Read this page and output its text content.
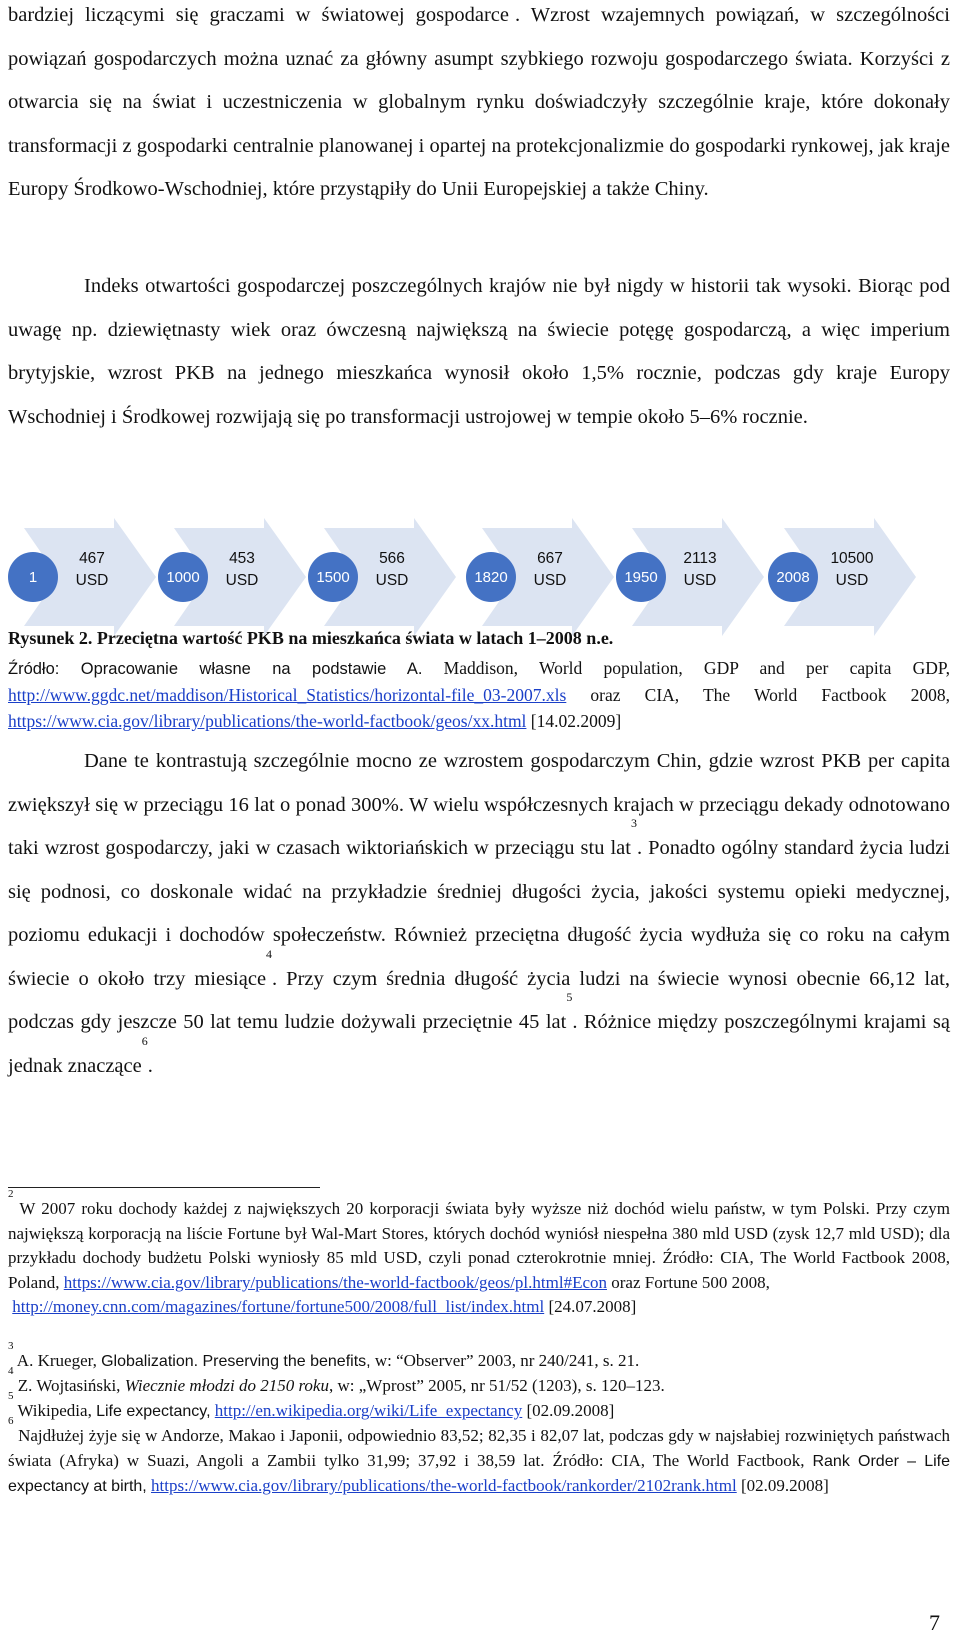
bardziej liczącymi się graczami w światowej gospodarce . Wzrost wzajemnych powiązań, w szczególności powiązań gospodarczych można uznać za główny asumpt szybkiego rozwoju gospodarczego świata. Korzyści z otwarcia się na świat i uczestniczenia w globalnym rynku doświadczyły szczególnie kraje, które dokonały transformacji z gospodarki centralnie planowanej i opartej na protekcjonalizmie do gospodarki rynkowej, jak kraje Europy Środkowo-Wschodniej, które przystąpiły do Unii Europejskiej a także Chiny.

Indeks otwartości gospodarczej poszczególnych krajów nie był nigdy w historii tak wysoki. Biorąc pod uwagę np. dziewiętnasty wiek oraz ówczesną największą na świecie potęgę gospodarczą, a więc imperium brytyjskie, wzrost PKB na jednego mieszkańca wynosił około 1,5% rocznie, podczas gdy kraje Europy Wschodniej i Środkowej rozwijają się po transformacji ustrojowej w tempie około 5–6% rocznie.

1
467
USD	1000
453
USD	1500
566
USD	1820
667
USD	1950
2113
USD	2008
10500
USD

Rysunek 2. Przeciętna wartość PKB na mieszkańca świata w latach 1–2008 n.e.

Źródło: Opracowanie własne na podstawie A. Maddison, World population, GDP and per capita GDP, http://www.ggdc.net/maddison/Historical_Statistics/horizontal-file_03-2007.xls oraz CIA, The World Factbook 2008, https://www.cia.gov/library/publications/the-world-factbook/geos/xx.html [14.02.2009]

Dane te kontrastują szczególnie mocno ze wzrostem gospodarczym Chin, gdzie wzrost PKB per capita zwiększył się w przeciągu 16 lat o ponad 300%. W wielu współczesnych krajach w przeciągu dekady odnotowano taki wzrost gospodarczy, jaki w czasach wiktoriańskich w przeciągu stu lat$^3$. Ponadto ogólny standard życia ludzi się podnosi, co doskonale widać na przykładzie średniej długości życia, jakości systemu opieki medycznej, poziomu edukacji i dochodów społeczeństw. Również przeciętna długość życia wydłuża się co roku na całym świecie o około trzy miesiące$^4$. Przy czym średnia długość życia ludzi na świecie wynosi obecnie 66,12 lat, podczas gdy jeszcze 50 lat temu ludzie dożywali przeciętnie 45 lat$^5$. Różnice między poszczególnymi krajami są jednak znaczące$^6$.

$^2$ W 2007 roku dochody każdej z największych 20 korporacji świata były wyższe niż dochód wielu państw, w tym Polski. Przy czym największą korporacją na liście Fortune był Wal-Mart Stores, których dochód wyniósł niespełna 380 mld USD (zysk 12,7 mld USD); dla przykładu dochody budżetu Polski wyniosły 85 mld USD, czyli ponad czterokrotnie mniej. Źródło: CIA, The World Factbook 2008, Poland, https://www.cia.gov/library/publications/the-world-factbook/geos/pl.html#Econ oraz Fortune 500 2008,
http://money.cnn.com/magazines/fortune/fortune500/2008/full_list/index.html [24.07.2008]

$^3$ A. Krueger, Globalization. Preserving the benefits, w: “Observer” 2003, nr 240/241, s. 21.

$^4$ Z. Wojtasiński, Wiecznie młodzi do 2150 roku, w: „Wprost” 2005, nr 51/52 (1203), s. 120–123.

$^5$ Wikipedia, Life expectancy, http://en.wikipedia.org/wiki/Life_expectancy [02.09.2008]

$^6$ Najdłużej żyje się w Andorze, Makao i Japonii, odpowiednio 83,52; 82,35 i 82,07 lat, podczas gdy w najsłabiej rozwiniętych państwach świata (Afryka) w Suazi, Angoli a Zambii tylko 31,99; 37,92 i 38,59 lat. Źródło: CIA, The World Factbook, Rank Order – Life expectancy at birth, https://www.cia.gov/library/publications/the-world-factbook/rankorder/2102rank.html [02.09.2008]

7
